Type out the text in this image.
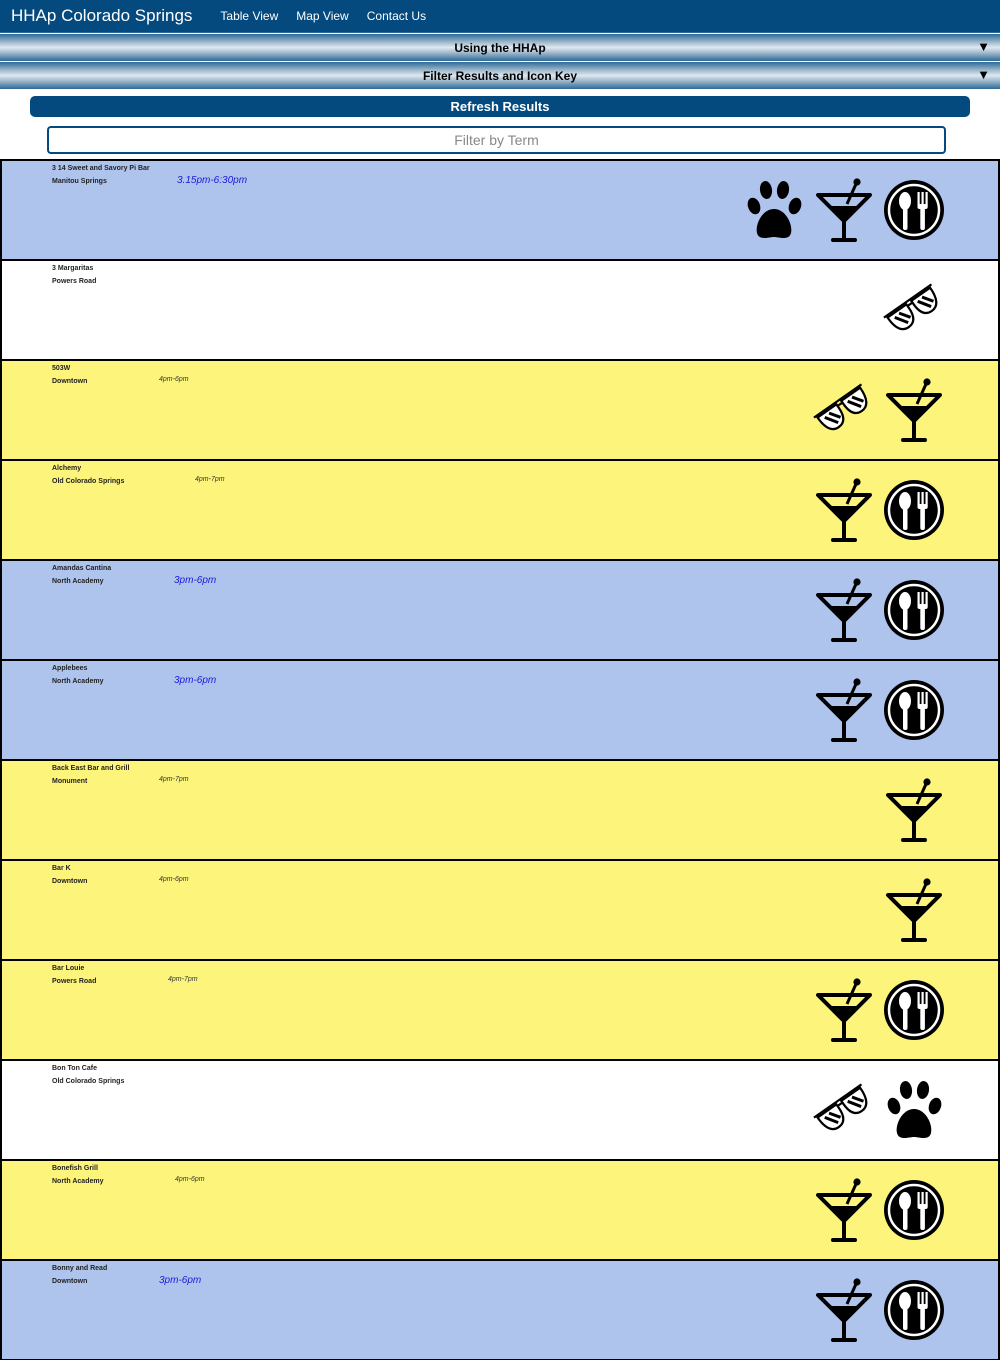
HHAp Colorado Springs	Table View Map View Contact Us
Using the HHAp	▼
Filter Results and Icon Key	▼
Refresh Results
Filter by Term
3 14 Sweet and Savory Pi Bar
Manitou Springs	3.15pm-6:30pm
3 Margaritas
Powers Road
503W
Downtown	4pm-6pm
Alchemy
Old Colorado Springs	4pm-7pm
Amandas Cantina
North Academy	3pm-6pm
Applebees
North Academy	3pm-6pm
Back East Bar and Grill
Monument	4pm-7pm
Bar K
Downtown	4pm-6pm
Bar Louie
Powers Road	4pm-7pm
Bon Ton Cafe
Old Colorado Springs
Bonefish Grill
North Academy	4pm-6pm
Bonny and Read
Downtown	3pm-6pm
